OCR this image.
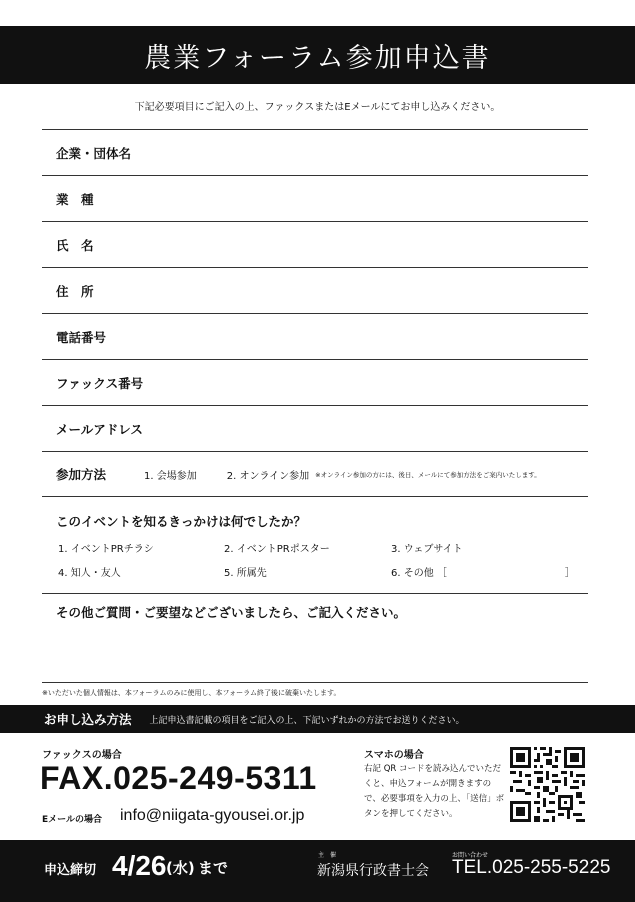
農業フォーラム参加申込書
下記必要項目にご記入の上、ファックスまたはEメールにてお申し込みください。
企業・団体名
業　種
氏　名
住　所
電話番号
ファックス番号
メールアドレス
参加方法	1. 会場参加	2. オンライン参加 ※オンライン参加の方には、後日、メールにて参加方法をご案内いたします。
このイベントを知るきっかけは何でしたか？
1. イベントPRチラシ	2. イベントPRポスター	3. ウェブサイト
4. 知人・友人	5. 所属先	6. その他 ［	］
その他ご質問・ご要望などございましたら、ご記入ください。
※いただいた個人情報は、本フォーラムのみに使用し、本フォーラム終了後に破棄いたします。
お申し込み方法 上記申込書記載の項目をご記入の上、下記いずれかの方法でお送りください。
ファックスの場合
FAX.025-249-5311
Eメールの場合 info@niigata-gyousei.or.jp
スマホの場合
右記 QR コードを読み込んでいただくと、申込フォームが開きますので、必要事項を入力の上、「送信」ボタンを押してください。
申込締切 4/26 (水) まで
主　催
新潟県行政書士会
お問い合わせ
TEL.025-255-5225
